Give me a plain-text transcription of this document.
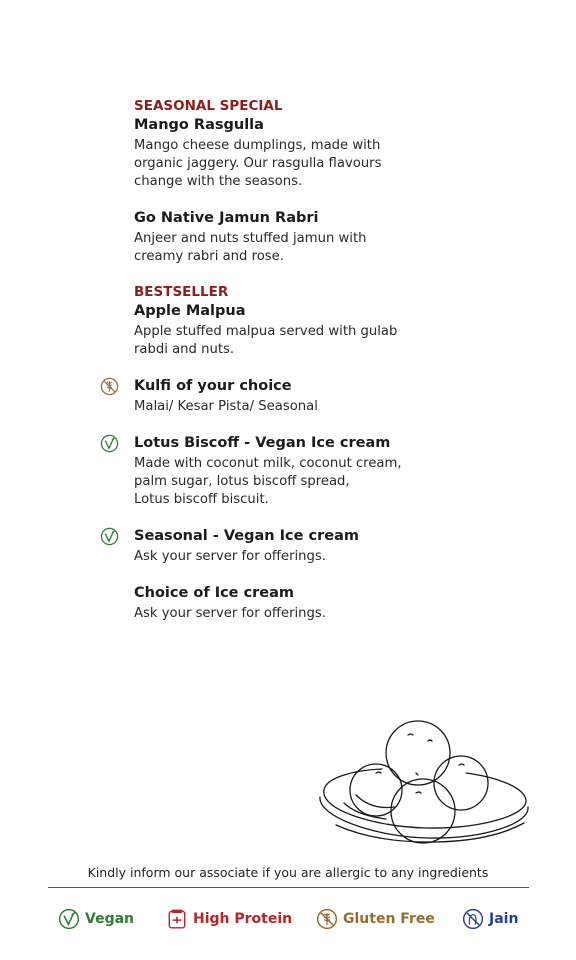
SEASONAL SPECIAL
Mango Rasgulla
Mango cheese dumplings, made with
organic jaggery. Our rasgulla flavours
change with the seasons.
Go Native Jamun Rabri
Anjeer and nuts stuffed jamun with
creamy rabri and rose.
BESTSELLER
Apple Malpua
Apple stuffed malpua served with gulab
rabdi and nuts.
Kulfi of your choice
Malai/ Kesar Pista/ Seasonal
Lotus Biscoff - Vegan Ice cream
Made with coconut milk, coconut cream,
palm sugar, lotus biscoff spread,
Lotus biscoff biscuit.
Seasonal - Vegan Ice cream
Ask your server for offerings.
Choice of Ice cream
Ask your server for offerings.
Kindly inform our associate if you are allergic to any ingredients
Vegan	High Protein	Gluten Free	Jain
